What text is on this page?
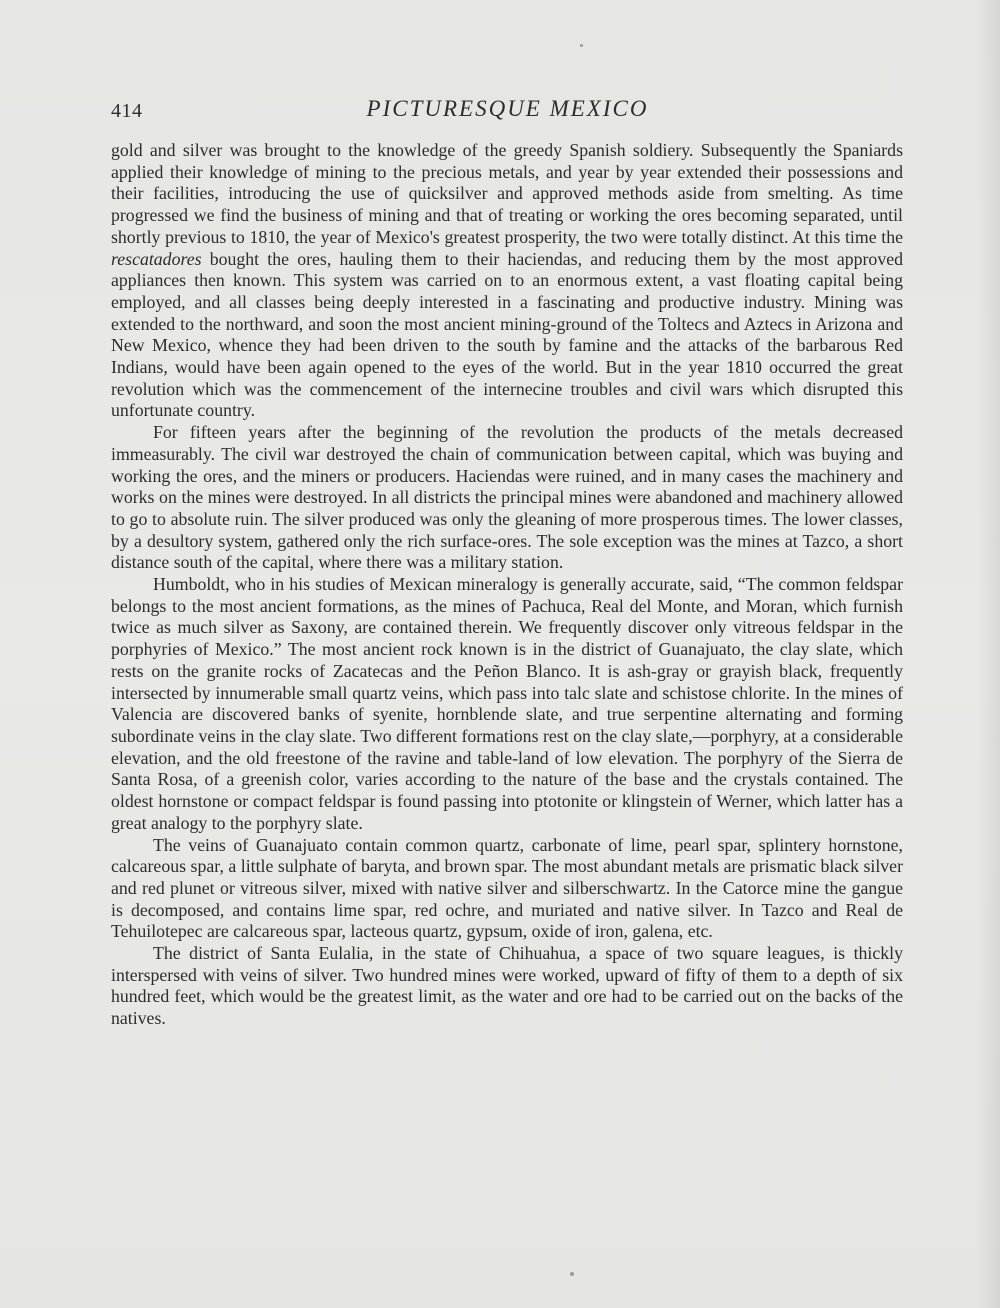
414	PICTURESQUE MEXICO

gold and silver was brought to the knowledge of the greedy Spanish soldiery. Subsequently the Spaniards applied their knowledge of mining to the precious metals, and year by year extended their possessions and their facilities, introducing the use of quicksilver and approved methods aside from smelting. As time progressed we find the business of mining and that of treating or working the ores becoming separated, until shortly previous to 1810, the year of Mexico's greatest prosperity, the two were totally distinct. At this time the rescatadores bought the ores, hauling them to their haciendas, and reducing them by the most approved appliances then known. This system was carried on to an enormous extent, a vast floating capital being employed, and all classes being deeply interested in a fascinating and productive industry. Mining was extended to the northward, and soon the most ancient mining-ground of the Toltecs and Aztecs in Arizona and New Mexico, whence they had been driven to the south by famine and the attacks of the barbarous Red Indians, would have been again opened to the eyes of the world. But in the year 1810 occurred the great revolution which was the commencement of the internecine troubles and civil wars which disrupted this unfortunate country.

For fifteen years after the beginning of the revolution the products of the metals decreased immeasurably. The civil war destroyed the chain of communication between capital, which was buying and working the ores, and the miners or producers. Haciendas were ruined, and in many cases the machinery and works on the mines were destroyed. In all districts the principal mines were abandoned and machinery allowed to go to absolute ruin. The silver produced was only the gleaning of more prosperous times. The lower classes, by a desultory system, gathered only the rich surface-ores. The sole exception was the mines at Tazco, a short distance south of the capital, where there was a military station.

Humboldt, who in his studies of Mexican mineralogy is generally accurate, said, “The common feldspar belongs to the most ancient formations, as the mines of Pachuca, Real del Monte, and Moran, which furnish twice as much silver as Saxony, are contained therein. We frequently discover only vitreous feldspar in the porphyries of Mexico.” The most ancient rock known is in the district of Guanajuato, the clay slate, which rests on the granite rocks of Zacatecas and the Peñon Blanco. It is ash-gray or grayish black, frequently intersected by innumerable small quartz veins, which pass into talc slate and schistose chlorite. In the mines of Valencia are discovered banks of syenite, hornblende slate, and true serpentine alternating and forming subordinate veins in the clay slate. Two different formations rest on the clay slate,—porphyry, at a considerable elevation, and the old freestone of the ravine and table-land of low elevation. The porphyry of the Sierra de Santa Rosa, of a greenish color, varies according to the nature of the base and the crystals contained. The oldest hornstone or compact feldspar is found passing into ptotonite or klingstein of Werner, which latter has a great analogy to the porphyry slate.

The veins of Guanajuato contain common quartz, carbonate of lime, pearl spar, splintery hornstone, calcareous spar, a little sulphate of baryta, and brown spar. The most abundant metals are prismatic black silver and red plunet or vitreous silver, mixed with native silver and silberschwartz. In the Catorce mine the gangue is decomposed, and contains lime spar, red ochre, and muriated and native silver. In Tazco and Real de Tehuilotepec are calcareous spar, lacteous quartz, gypsum, oxide of iron, galena, etc.

The district of Santa Eulalia, in the state of Chihuahua, a space of two square leagues, is thickly interspersed with veins of silver. Two hundred mines were worked, upward of fifty of them to a depth of six hundred feet, which would be the greatest limit, as the water and ore had to be carried out on the backs of the natives.
